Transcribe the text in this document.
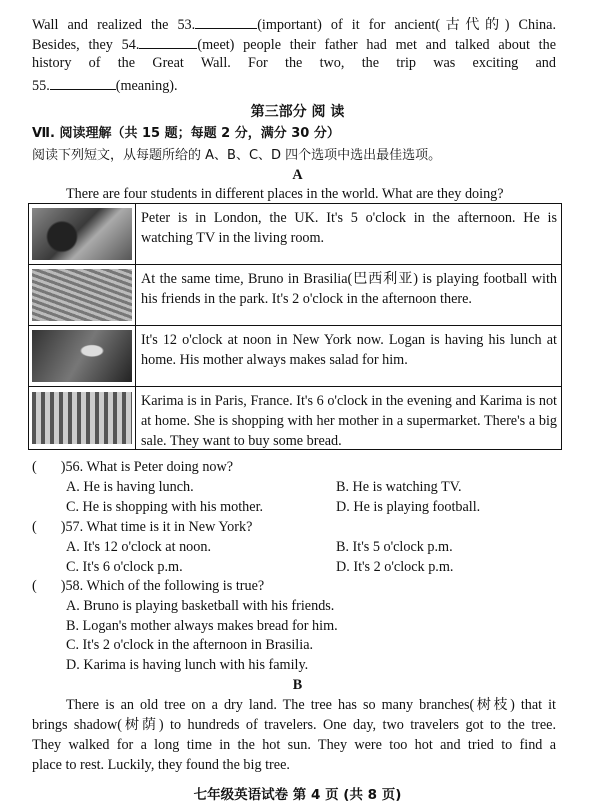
Wall and realized the 53.	(important) of it for ancient(古代的) China.
Besides, they 54.	(meet) people their father had met and talked about the
history of the Great Wall. For the two, the trip was exciting and
55.	(meaning).
第三部分 阅 读
Ⅶ. 阅读理解（共 15 题；每题 2 分，满分 30 分）
阅读下列短文，从每题所给的 A、B、C、D 四个选项中选出最佳选项。
A
There are four students in different places in the world. What are they doing?
Peter is in London, the UK. It's 5 o'clock in the afternoon. He is watching TV in the living room.
At the same time, Bruno in Brasilia(巴西利亚) is playing football with his friends in the park. It's 2 o'clock in the afternoon there.
It's 12 o'clock at noon in New York now. Logan is having his lunch at home. His mother always makes salad for him.
Karima is in Paris, France. It's 6 o'clock in the evening and Karima is not at home. She is shopping with her mother in a supermarket. There's a big sale. They want to buy some bread.
( )56. What is Peter doing now?
A. He is having lunch.	B. He is watching TV.
C. He is shopping with his mother.	D. He is playing football.
( )57. What time is it in New York?
A. It's 12 o'clock at noon.	B. It's 5 o'clock p.m.
C. It's 6 o'clock p.m.	D. It's 2 o'clock p.m.
( )58. Which of the following is true?
A. Bruno is playing basketball with his friends.
B. Logan's mother always makes bread for him.
C. It's 2 o'clock in the afternoon in Brasilia.
D. Karima is having lunch with his family.
B
There is an old tree on a dry land. The tree has so many branches(树枝) that it
brings shadow(树荫) to hundreds of travelers. One day, two travelers got to the tree.
They walked for a long time in the hot sun. They were too hot and tried to find a
place to rest. Luckily, they found the big tree.
七年级英语试卷 第 4 页 (共 8 页)
